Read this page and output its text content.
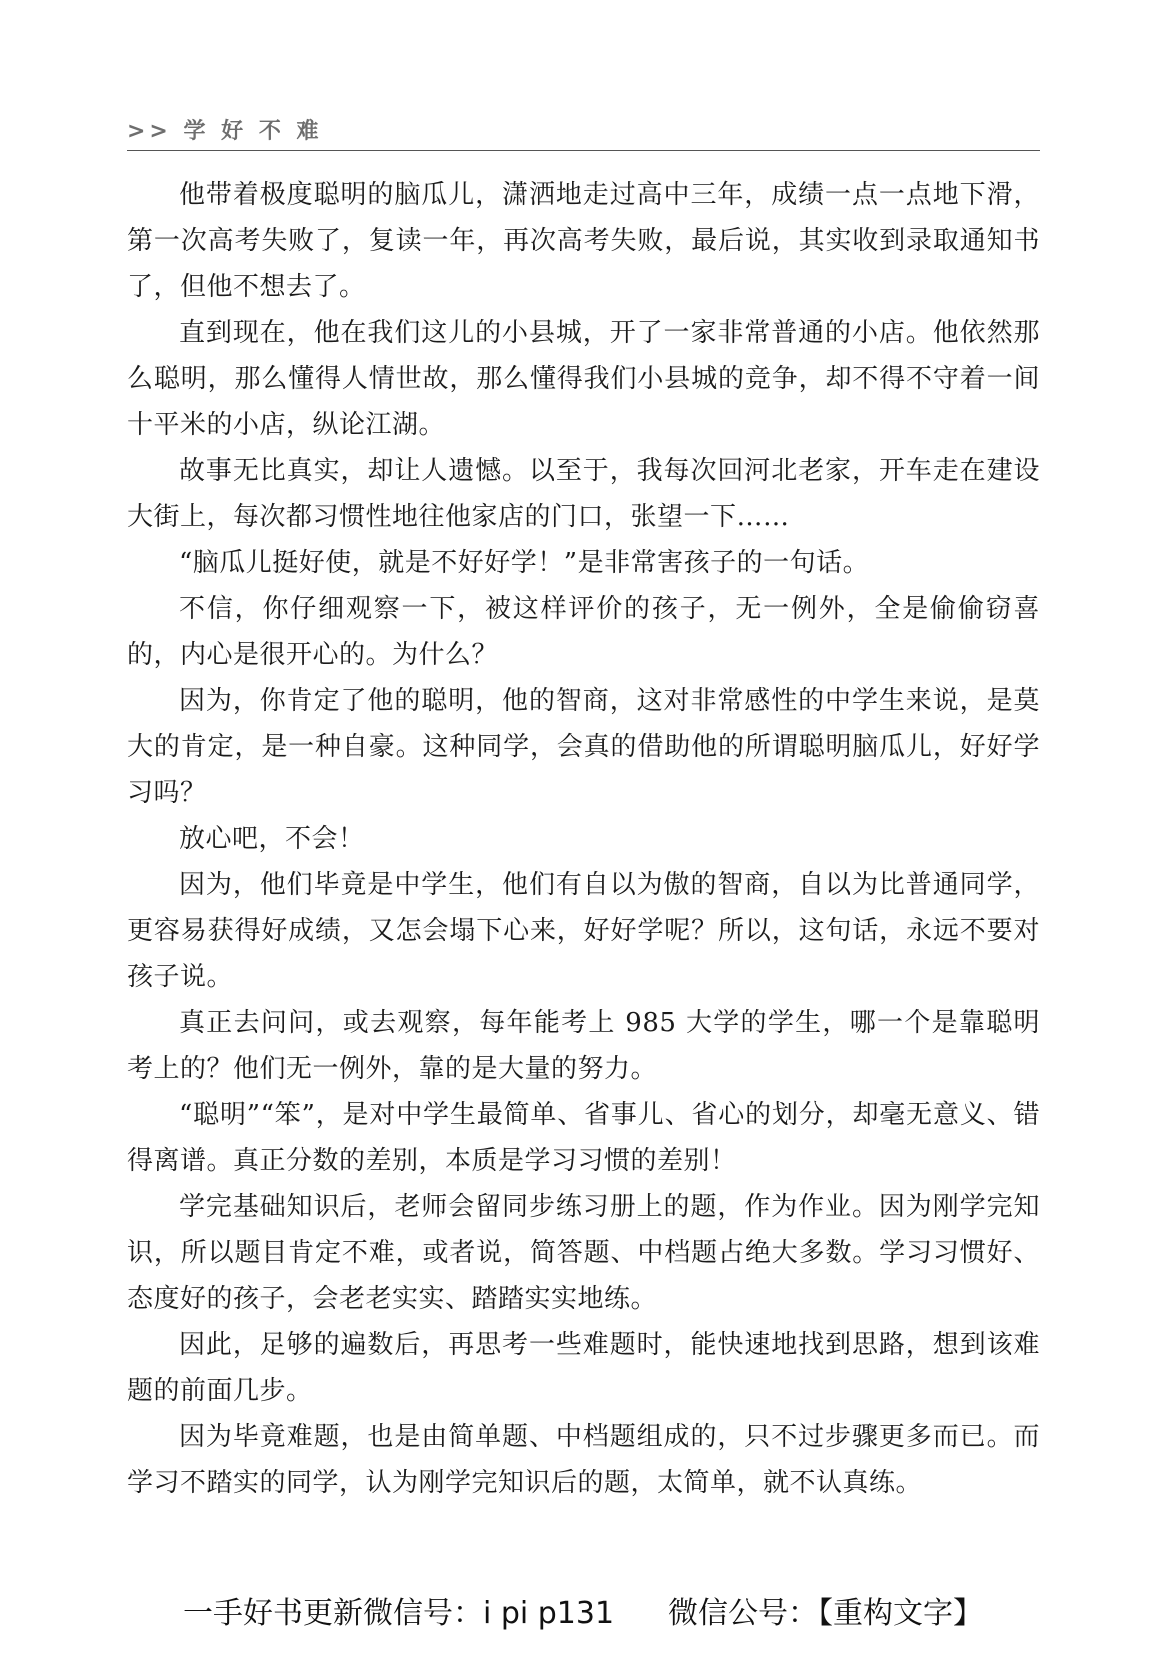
>> 学 好 不 难

他带着极度聪明的脑瓜儿，潇洒地走过高中三年，成绩一点一点地下滑，第一次高考失败了，复读一年，再次高考失败，最后说，其实收到录取通知书了，但他不想去了。

直到现在，他在我们这儿的小县城，开了一家非常普通的小店。他依然那么聪明，那么懂得人情世故，那么懂得我们小县城的竞争，却不得不守着一间十平米的小店，纵论江湖。

故事无比真实，却让人遗憾。以至于，我每次回河北老家，开车走在建设大街上，每次都习惯性地往他家店的门口，张望一下……

“脑瓜儿挺好使，就是不好好学！”是非常害孩子的一句话。

不信，你仔细观察一下，被这样评价的孩子，无一例外，全是偷偷窃喜的，内心是很开心的。为什么？

因为，你肯定了他的聪明，他的智商，这对非常感性的中学生来说，是莫大的肯定，是一种自豪。这种同学，会真的借助他的所谓聪明脑瓜儿，好好学习吗？

放心吧，不会！

因为，他们毕竟是中学生，他们有自以为傲的智商，自以为比普通同学，更容易获得好成绩，又怎会塌下心来，好好学呢？所以，这句话，永远不要对孩子说。

真正去问问，或去观察，每年能考上 985 大学的学生，哪一个是靠聪明考上的？他们无一例外，靠的是大量的努力。

“聪明”“笨”，是对中学生最简单、省事儿、省心的划分，却毫无意义、错得离谱。真正分数的差别，本质是学习习惯的差别！

学完基础知识后，老师会留同步练习册上的题，作为作业。因为刚学完知识，所以题目肯定不难，或者说，简答题、中档题占绝大多数。学习习惯好、态度好的孩子，会老老实实、踏踏实实地练。

因此，足够的遍数后，再思考一些难题时，能快速地找到思路，想到该难题的前面几步。

因为毕竟难题，也是由简单题、中档题组成的，只不过步骤更多而已。而学习不踏实的同学，认为刚学完知识后的题，太简单，就不认真练。

一手好书更新微信号：i pi p131 微信公号：【重构文字】
